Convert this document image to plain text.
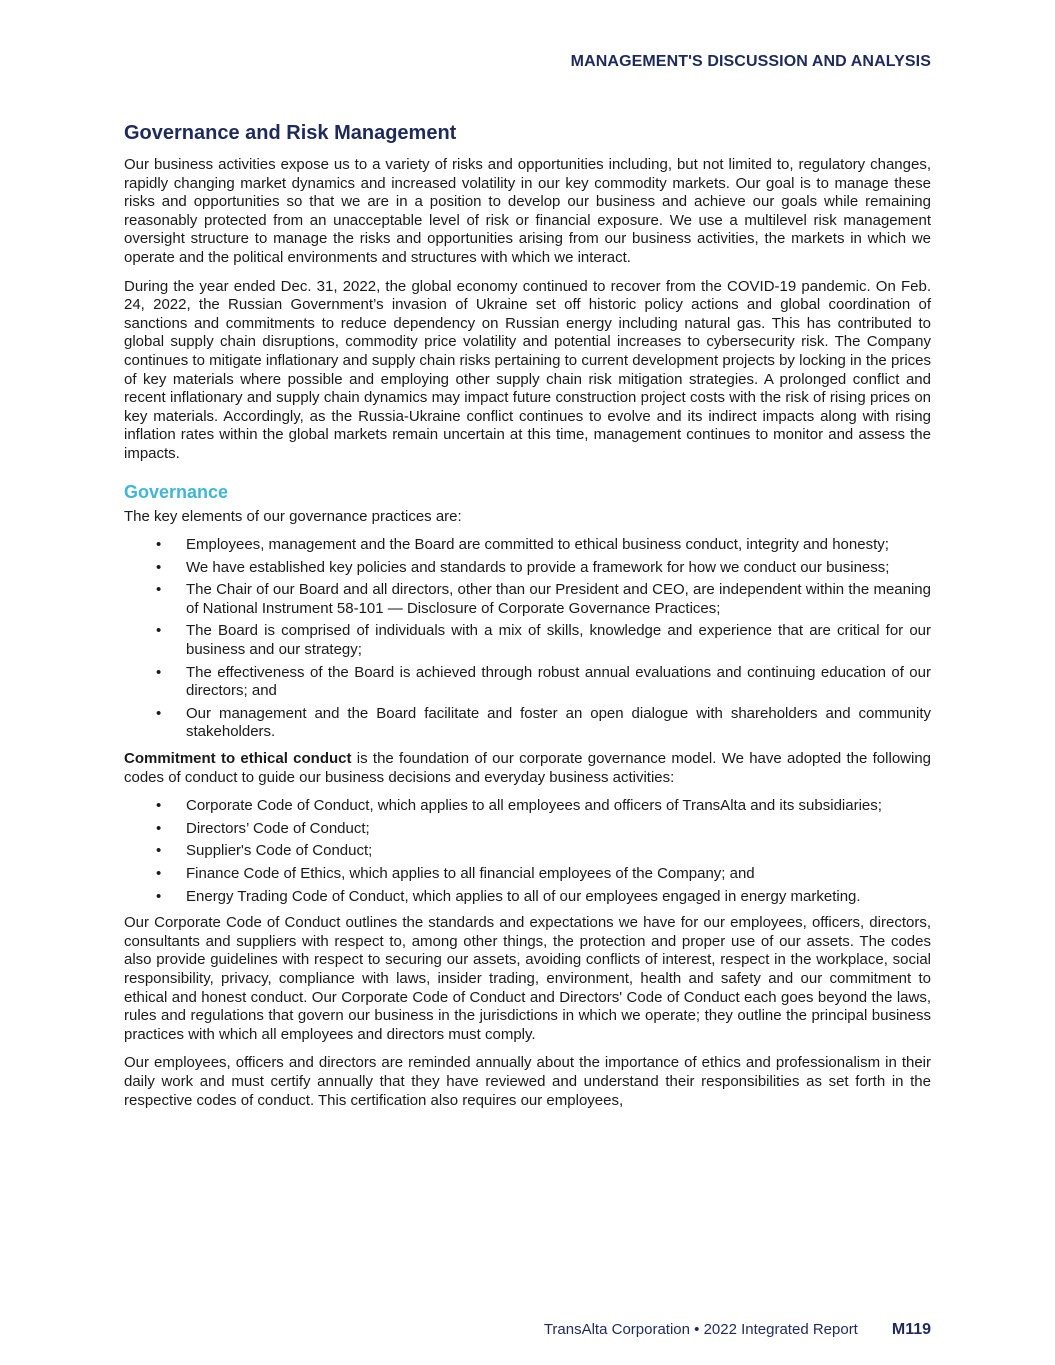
MANAGEMENT'S DISCUSSION AND ANALYSIS
Governance and Risk Management

Our business activities expose us to a variety of risks and opportunities including, but not limited to, regulatory changes, rapidly changing market dynamics and increased volatility in our key commodity markets. Our goal is to manage these risks and opportunities so that we are in a position to develop our business and achieve our goals while remaining reasonably protected from an unacceptable level of risk or financial exposure. We use a multilevel risk management oversight structure to manage the risks and opportunities arising from our business activities, the markets in which we operate and the political environments and structures with which we interact.

During the year ended Dec. 31, 2022, the global economy continued to recover from the COVID-19 pandemic. On Feb. 24, 2022, the Russian Government’s invasion of Ukraine set off historic policy actions and global coordination of sanctions and commitments to reduce dependency on Russian energy including natural gas. This has contributed to global supply chain disruptions, commodity price volatility and potential increases to cybersecurity risk. The Company continues to mitigate inflationary and supply chain risks pertaining to current development projects by locking in the prices of key materials where possible and employing other supply chain risk mitigation strategies. A prolonged conflict and recent inflationary and supply chain dynamics may impact future construction project costs with the risk of rising prices on key materials. Accordingly, as the Russia-Ukraine conflict continues to evolve and its indirect impacts along with rising inflation rates within the global markets remain uncertain at this time, management continues to monitor and assess the impacts.

Governance

The key elements of our governance practices are:

• Employees, management and the Board are committed to ethical business conduct, integrity and honesty;
• We have established key policies and standards to provide a framework for how we conduct our business;
• The Chair of our Board and all directors, other than our President and CEO, are independent within the meaning of National Instrument 58-101 — Disclosure of Corporate Governance Practices;
• The Board is comprised of individuals with a mix of skills, knowledge and experience that are critical for our business and our strategy;
• The effectiveness of the Board is achieved through robust annual evaluations and continuing education of our directors; and
• Our management and the Board facilitate and foster an open dialogue with shareholders and community stakeholders.

Commitment to ethical conduct is the foundation of our corporate governance model. We have adopted the following codes of conduct to guide our business decisions and everyday business activities:

• Corporate Code of Conduct, which applies to all employees and officers of TransAlta and its subsidiaries;
• Directors’ Code of Conduct;
• Supplier's Code of Conduct;
• Finance Code of Ethics, which applies to all financial employees of the Company; and
• Energy Trading Code of Conduct, which applies to all of our employees engaged in energy marketing.

Our Corporate Code of Conduct outlines the standards and expectations we have for our employees, officers, directors, consultants and suppliers with respect to, among other things, the protection and proper use of our assets. The codes also provide guidelines with respect to securing our assets, avoiding conflicts of interest, respect in the workplace, social responsibility, privacy, compliance with laws, insider trading, environment, health and safety and our commitment to ethical and honest conduct. Our Corporate Code of Conduct and Directors' Code of Conduct each goes beyond the laws, rules and regulations that govern our business in the jurisdictions in which we operate; they outline the principal business practices with which all employees and directors must comply.

Our employees, officers and directors are reminded annually about the importance of ethics and professionalism in their daily work and must certify annually that they have reviewed and understand their responsibilities as set forth in the respective codes of conduct. This certification also requires our employees,

TransAlta Corporation • 2022 Integrated Report M119
